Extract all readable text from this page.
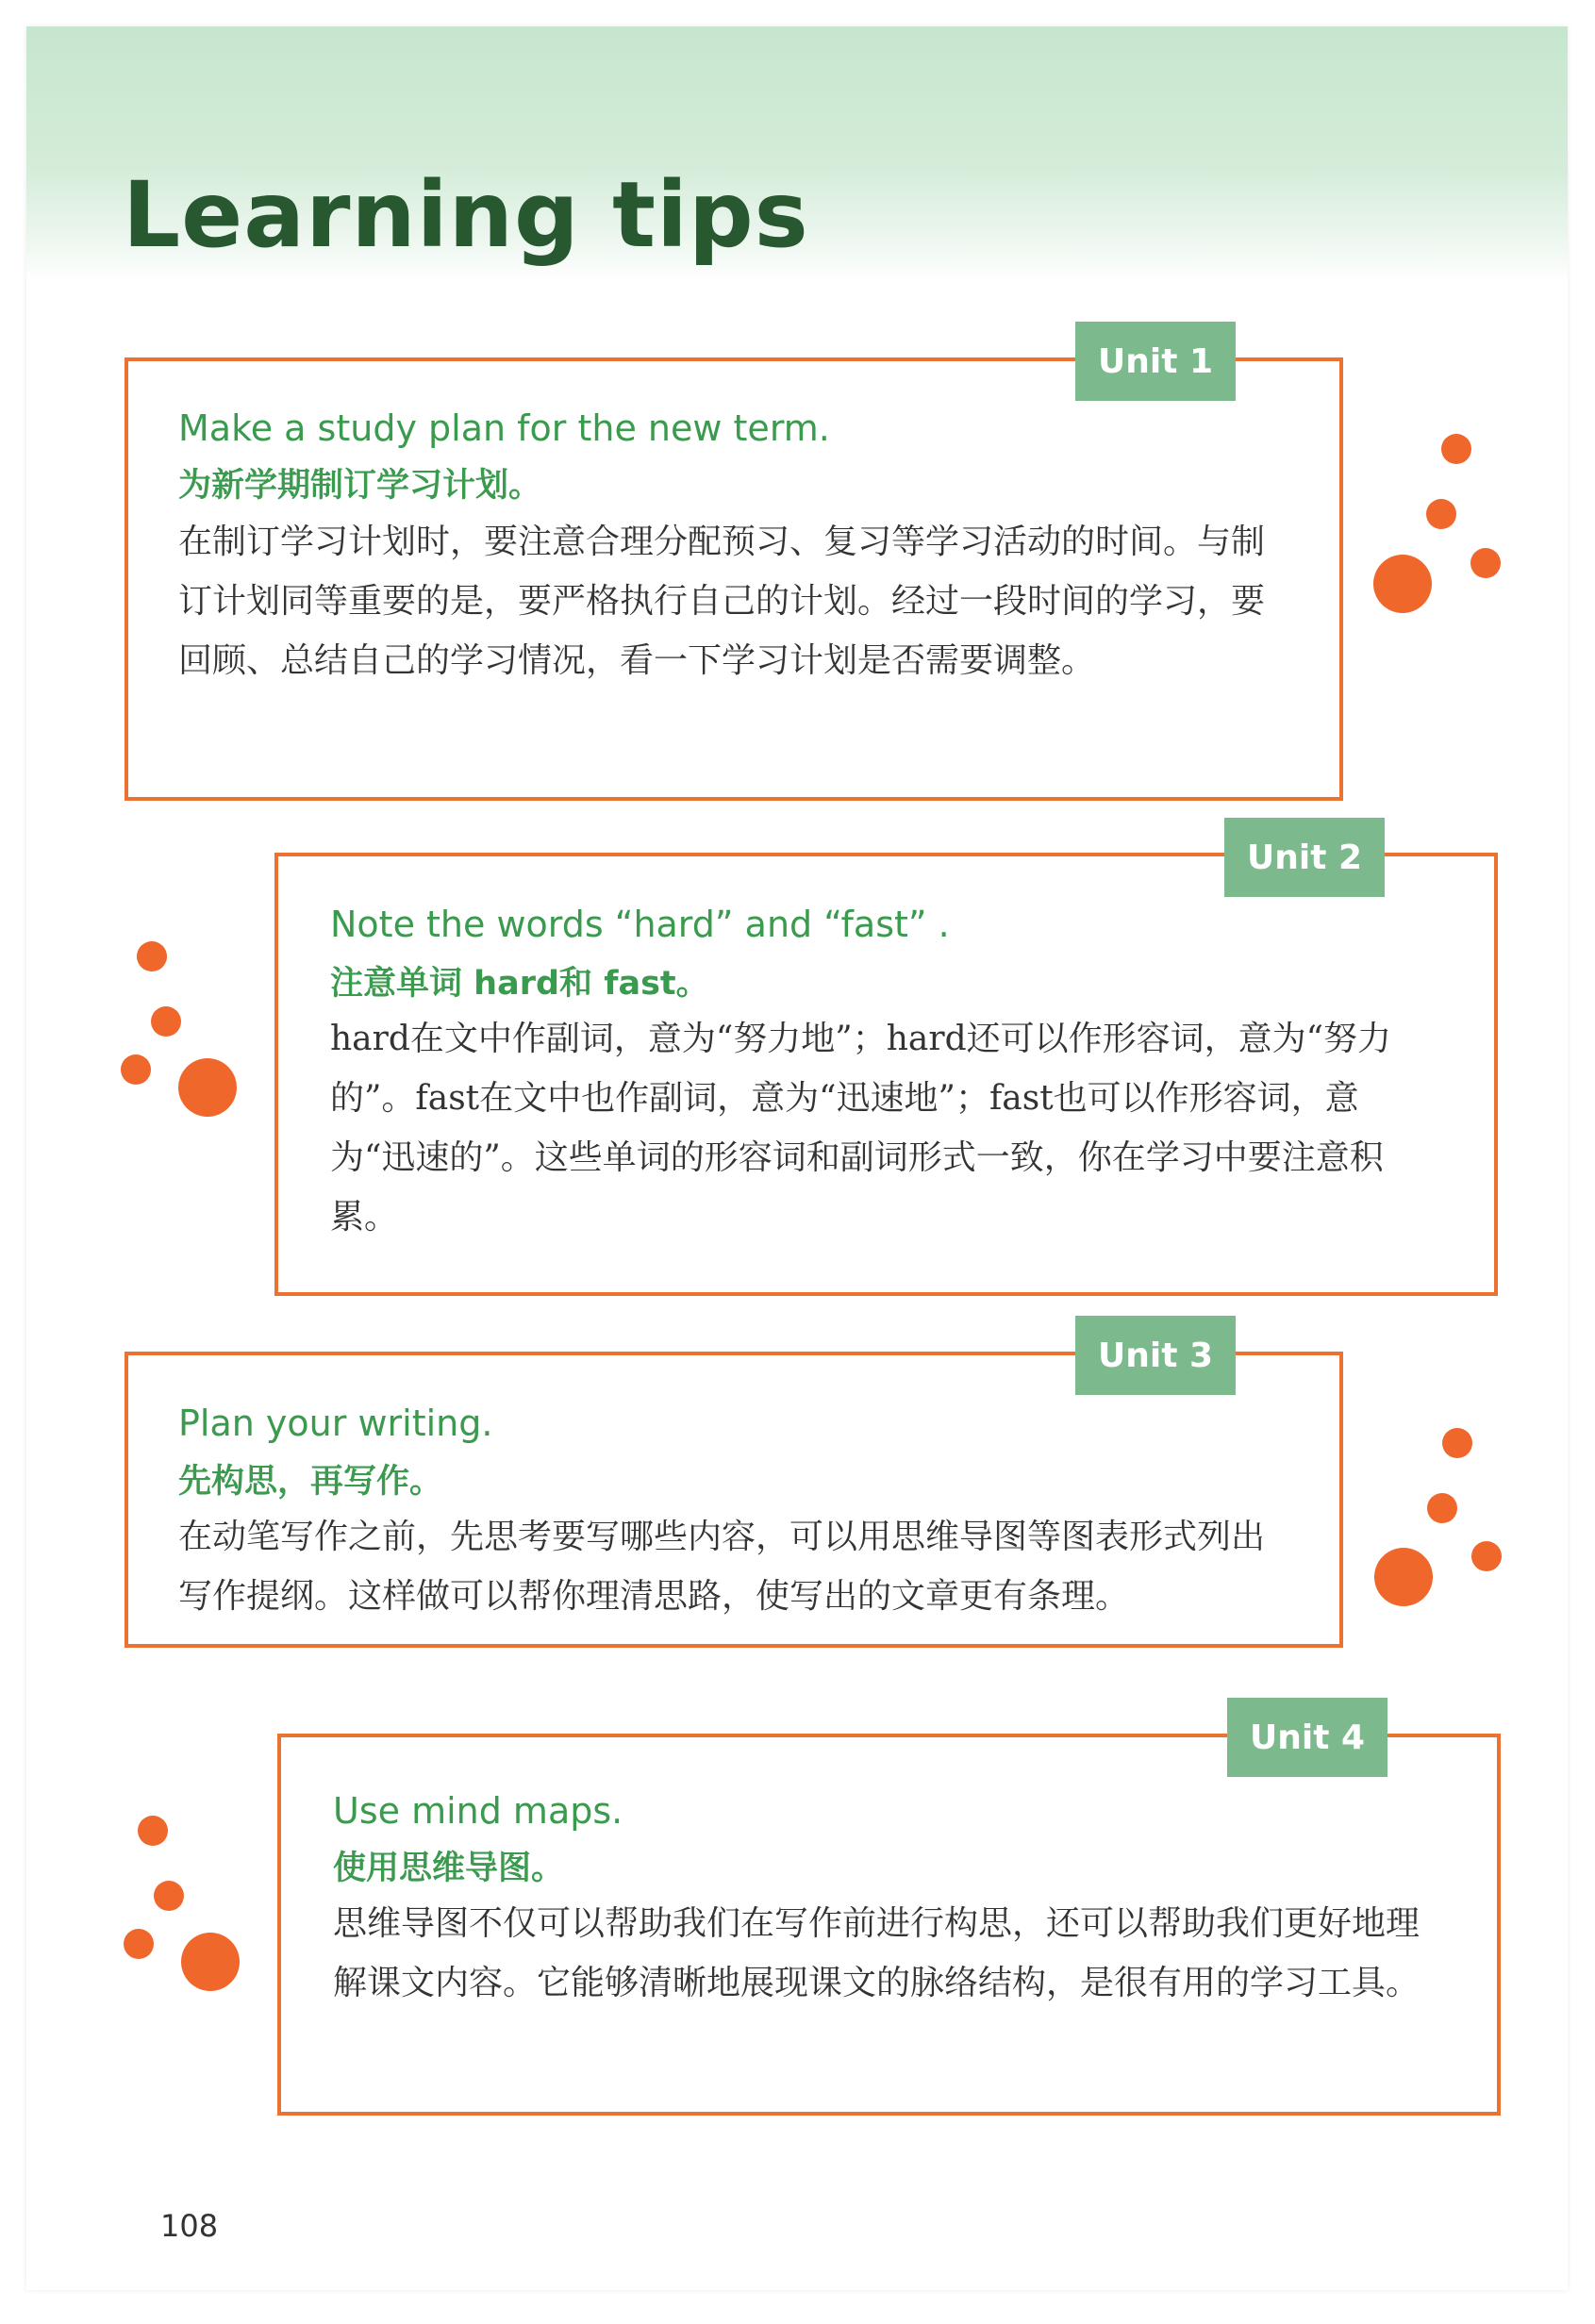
Learning tips
Make a study plan for the new term.
为新学期制订学习计划。

在制订学习计划时，要注意合理分配预习、复习等学习活动的时间。与制订计划同等重要的是，要严格执行自己的计划。经过一段时间的学习，要回顾、总结自己的学习情况，看一下学习计划是否需要调整。

Unit 1
Note the words “hard” and “fast” .
注意单词 hard和 fast。

hard在文中作副词，意为“努力地”；hard还可以作形容词，意为“努力的”。fast在文中也作副词，意为“迅速地”；fast也可以作形容词，意为“迅速的”。这些单词的形容词和副词形式一致，你在学习中要注意积累。

Unit 2
Plan your writing.
先构思，再写作。

在动笔写作之前，先思考要写哪些内容，可以用思维导图等图表形式列出写作提纲。这样做可以帮你理清思路，使写出的文章更有条理。

Unit 3
Use mind maps.
使用思维导图。

思维导图不仅可以帮助我们在写作前进行构思，还可以帮助我们更好地理解课文内容。它能够清晰地展现课文的脉络结构，是很有用的学习工具。

Unit 4
108
